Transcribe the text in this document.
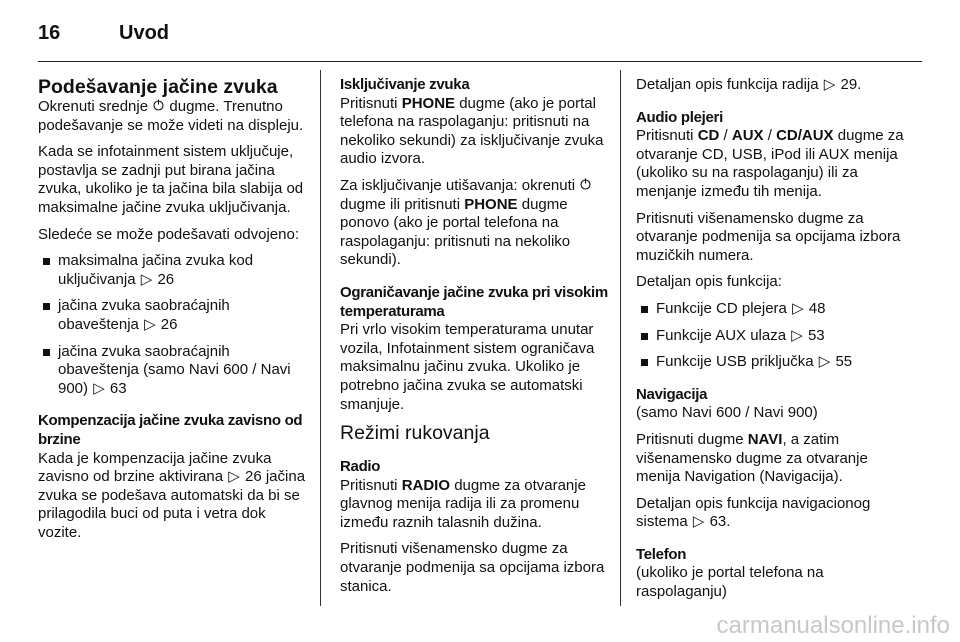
16	Uvod
Podešavanje jačine zvuka

Okrenuti srednje  dugme. Trenutno podešavanje se može videti na displeju.

Kada se infotainment sistem uključuje, postavlja se zadnji put birana jačina zvuka, ukoliko je ta jačina bila slabija od maksimalne jačine zvuka uključivanja.

Sledeće se može podešavati odvojeno:

maksimalna jačina zvuka kod uključivanja ▷ 26
jačina zvuka saobraćajnih obaveštenja ▷ 26
jačina zvuka saobraćajnih obaveštenja (samo Navi 600 / Navi 900) ▷ 63
Kompenzacija jačine zvuka zavisno od brzine

Kada je kompenzacija jačine zvuka zavisno od brzine aktivirana ▷ 26 jačina zvuka se podešava automatski da bi se prilagodila buci od puta i vetra dok vozite.

Isključivanje zvuka

Pritisnuti PHONE dugme (ako je portal telefona na raspolaganju: pritisnuti na nekoliko sekundi) za isključivanje zvuka audio izvora.

Za isključivanje utišavanja: okrenuti  dugme ili pritisnuti PHONE dugme ponovo (ako je portal telefona na raspolaganju: pritisnuti na nekoliko sekundi).

Ograničavanje jačine zvuka pri visokim temperaturama

Pri vrlo visokim temperaturama unutar vozila, Infotainment sistem ograničava maksimalnu jačinu zvuka. Ukoliko je potrebno jačina zvuka se automatski smanjuje.

Režimi rukovanja
Radio

Pritisnuti RADIO dugme za otvaranje glavnog menija radija ili za promenu između raznih talasnih dužina.

Pritisnuti višenamensko dugme za otvaranje podmenija sa opcijama izbora stanica.

Detaljan opis funkcija radija ▷ 29.

Audio plejeri

Pritisnuti CD / AUX / CD/AUX dugme za otvaranje CD, USB, iPod ili AUX menija (ukoliko su na raspolaganju) ili za menjanje između tih menija.

Pritisnuti višenamensko dugme za otvaranje podmenija sa opcijama izbora muzičkih numera.

Detaljan opis funkcija:

Funkcije CD plejera ▷ 48
Funkcije AUX ulaza ▷ 53
Funkcije USB priključka ▷ 55
Navigacija

(samo Navi 600 / Navi 900)

Pritisnuti dugme NAVI, a zatim višenamensko dugme za otvaranje menija Navigation (Navigacija).

Detaljan opis funkcija navigacionog sistema ▷ 63.

Telefon

(ukoliko je portal telefona na raspolaganju)

carmanualsonline.info
